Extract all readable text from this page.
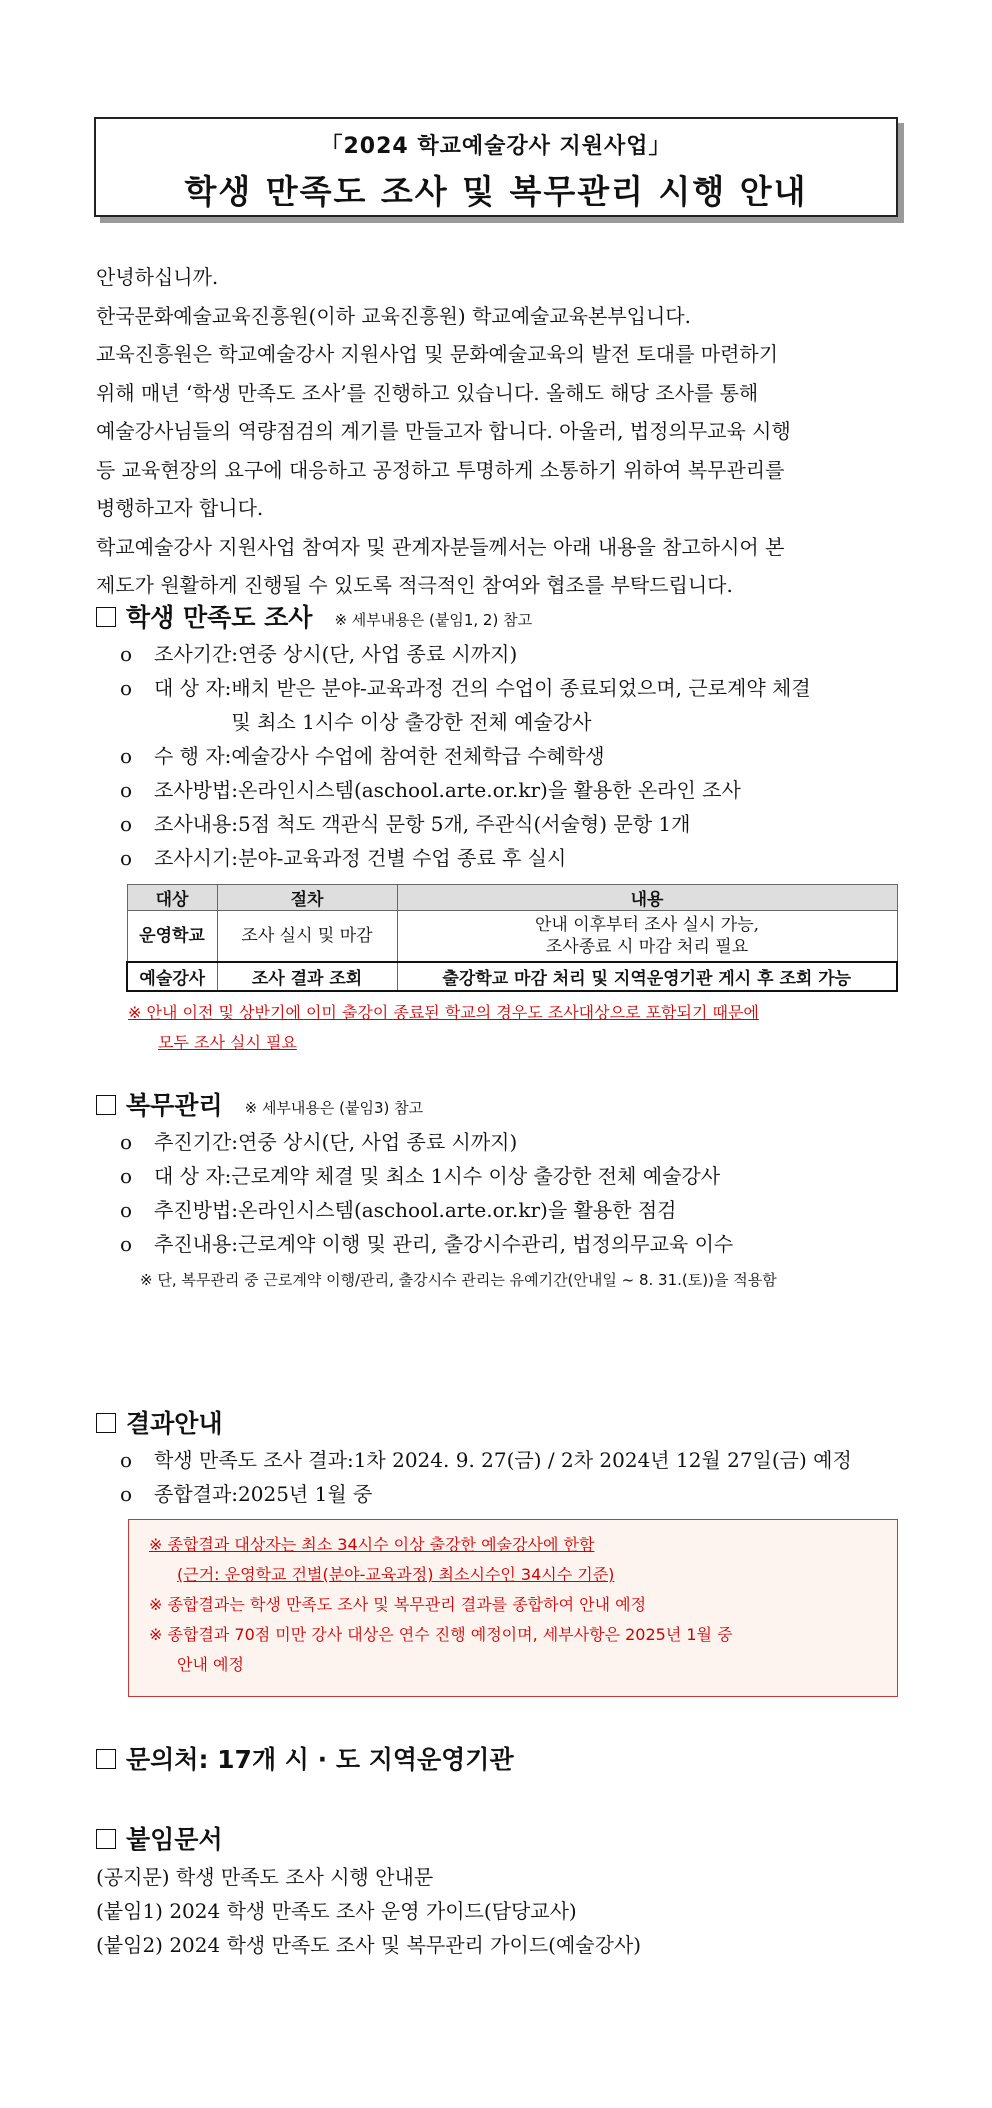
「2024 학교예술강사 지원사업」
학생 만족도 조사 및 복무관리 시행 안내

안녕하십니까.

한국문화예술교육진흥원(이하 교육진흥원) 학교예술교육본부입니다.

교육진흥원은 학교예술강사 지원사업 및 문화예술교육의 발전 토대를 마련하기

위해 매년 ‘학생 만족도 조사’를 진행하고 있습니다. 올해도 해당 조사를 통해

예술강사님들의 역량점검의 계기를 만들고자 합니다. 아울러, 법정의무교육 시행

등 교육현장의 요구에 대응하고 공정하고 투명하게 소통하기 위하여 복무관리를

병행하고자 합니다.

학교예술강사 지원사업 참여자 및 관계자분들께서는 아래 내용을 참고하시어 본

제도가 원활하게 진행될 수 있도록 적극적인 참여와 협조를 부탁드립니다.

학생 만족도 조사 ※ 세부내용은 (붙임1, 2) 참고
o	조사기간: 연중 상시(단, 사업 종료 시까지)
o	대 상 자: 배치 받은 분야-교육과정 건의 수업이 종료되었으며, 근로계약 체결
및 최소 1시수 이상 출강한 전체 예술강사
o	수 행 자: 예술강사 수업에 참여한 전체학급 수혜학생
o	조사방법: 온라인시스템(aschool.arte.or.kr)을 활용한 온라인 조사
o	조사내용: 5점 척도 객관식 문항 5개, 주관식(서술형) 문항 1개
o	조사시기: 분야-교육과정 건별 수업 종료 후 실시
대상	절차	내용
운영학교	조사 실시 및 마감	안내 이후부터 조사 실시 가능,
조사종료 시 마감 처리 필요

예술강사	조사 결과 조회	출강학교 마감 처리 및 지역운영기관 게시 후 조회 가능
※ 안내 이전 및 상반기에 이미 출강이 종료된 학교의 경우도 조사대상으로 포함되기 때문에
모두 조사 실시 필요
복무관리 ※ 세부내용은 (붙임3) 참고
o	추진기간: 연중 상시(단, 사업 종료 시까지)
o	대 상 자: 근로계약 체결 및 최소 1시수 이상 출강한 전체 예술강사
o	추진방법: 온라인시스템(aschool.arte.or.kr)을 활용한 점검
o	추진내용: 근로계약 이행 및 관리, 출강시수관리, 법정의무교육 이수
※ 단, 복무관리 중 근로계약 이행/관리, 출강시수 관리는 유예기간(안내일 ~ 8. 31.(토))을 적용함
결과안내
o	학생 만족도 조사 결과: 1차 2024. 9. 27(금) / 2차 2024년 12월 27일(금) 예정
o	종합결과: 2025년 1월 중

※ 종합결과 대상자는 최소 34시수 이상 출강한 예술강사에 한함

(근거: 운영학교 건별(분야-교육과정) 최소시수인 34시수 기준)

※ 종합결과는 학생 만족도 조사 및 복무관리 결과를 종합하여 안내 예정

※ 종합결과 70점 미만 강사 대상은 연수 진행 예정이며, 세부사항은 2025년 1월 중

안내 예정

문의처: 17개 시 · 도 지역운영기관
붙임문서
(공지문) 학생 만족도 조사 시행 안내문
(붙임1) 2024 학생 만족도 조사 운영 가이드(담당교사)
(붙임2) 2024 학생 만족도 조사 및 복무관리 가이드(예술강사)
